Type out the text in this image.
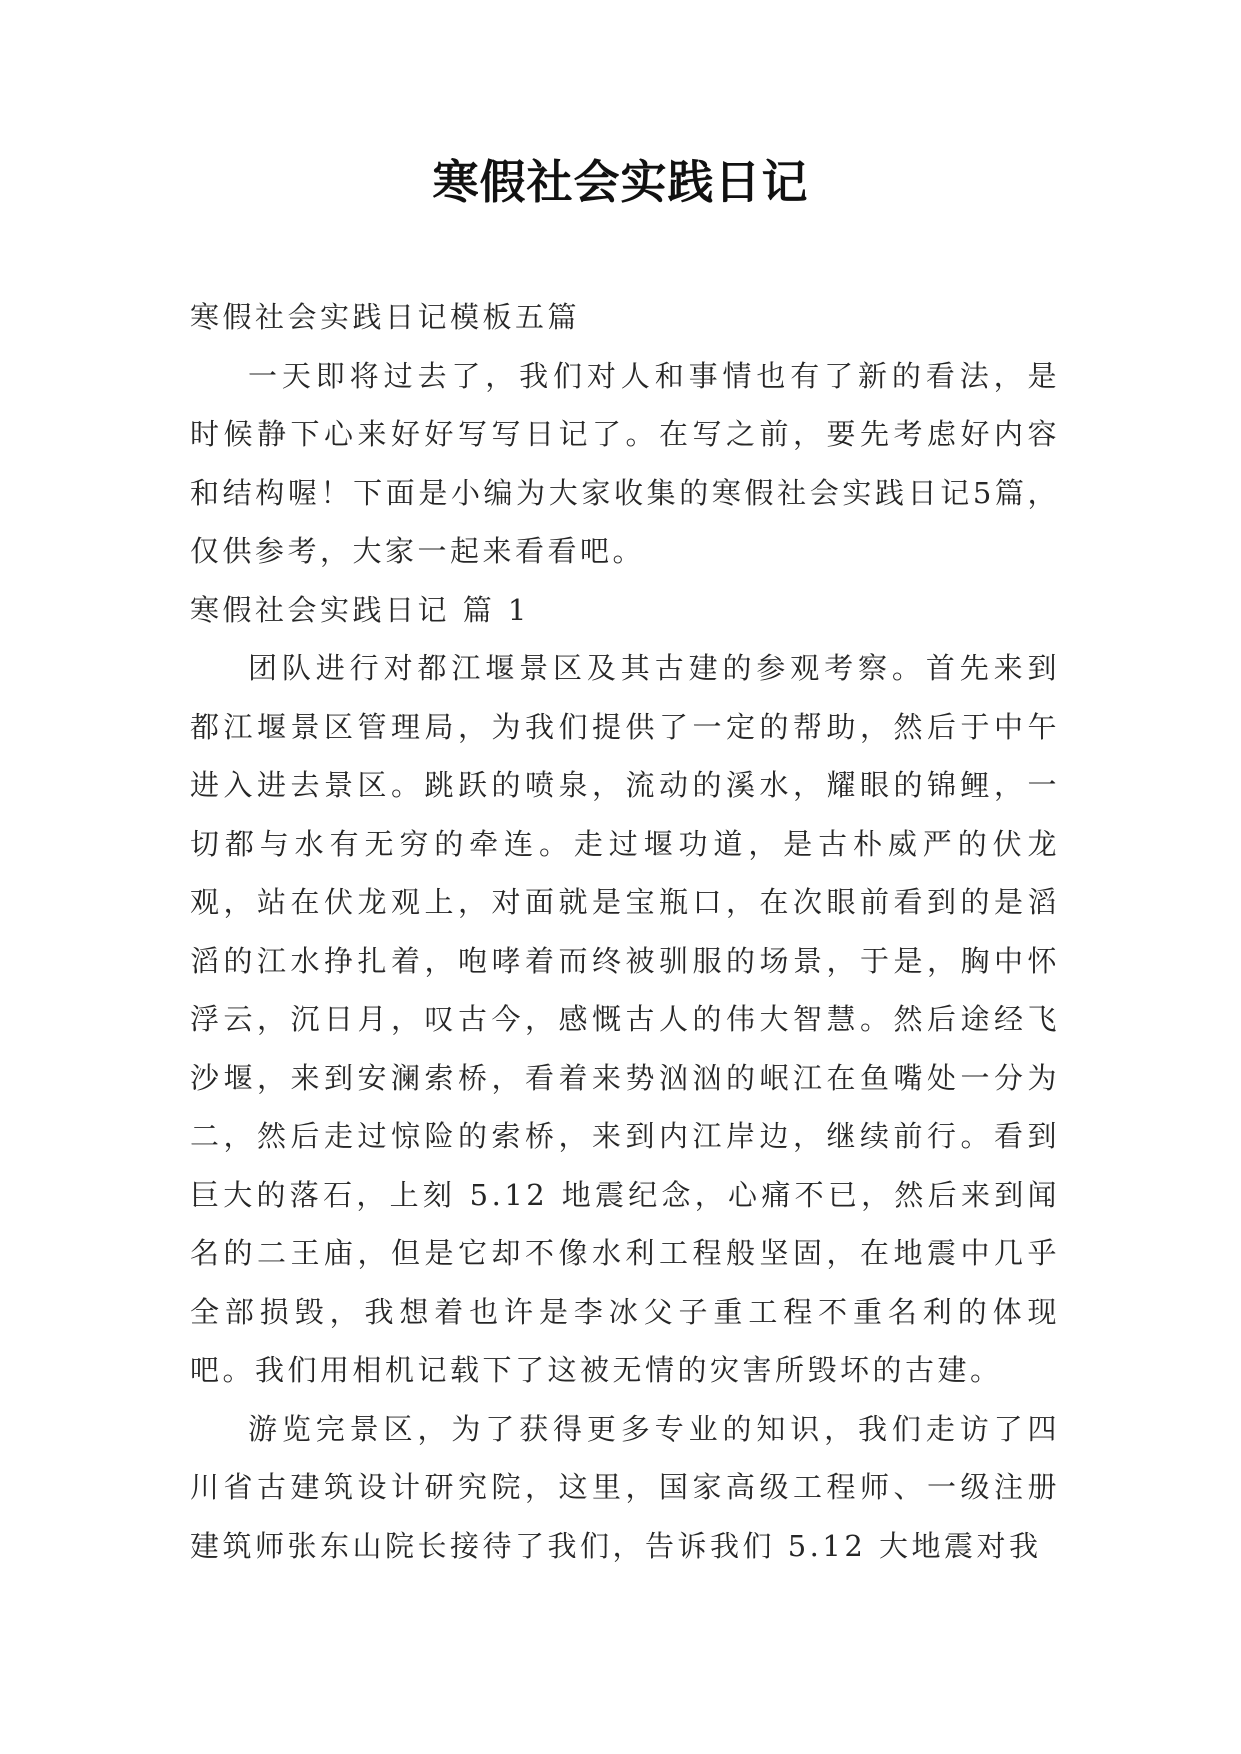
寒假社会实践日记

寒假社会实践日记模板五篇

一天即将过去了，我们对人和事情也有了新的看法，是时候静下心来好好写写日记了。在写之前，要先考虑好内容和结构喔！下面是小编为大家收集的寒假社会实践日记5篇，仅供参考，大家一起来看看吧。

寒假社会实践日记 篇 1

团队进行对都江堰景区及其古建的参观考察。首先来到都江堰景区管理局，为我们提供了一定的帮助，然后于中午进入进去景区。跳跃的喷泉，流动的溪水，耀眼的锦鲤，一切都与水有无穷的牵连。走过堰功道，是古朴威严的伏龙观，站在伏龙观上，对面就是宝瓶口，在次眼前看到的是滔滔的江水挣扎着，咆哮着而终被驯服的场景，于是，胸中怀浮云，沉日月，叹古今，感慨古人的伟大智慧。然后途经飞沙堰，来到安澜索桥，看着来势汹汹的岷江在鱼嘴处一分为二，然后走过惊险的索桥，来到内江岸边，继续前行。看到巨大的落石，上刻 5.12 地震纪念，心痛不已，然后来到闻名的二王庙，但是它却不像水利工程般坚固，在地震中几乎全部损毁，我想着也许是李冰父子重工程不重名利的体现吧。我们用相机记载下了这被无情的灾害所毁坏的古建。

游览完景区，为了获得更多专业的知识，我们走访了四川省古建筑设计研究院，这里，国家高级工程师、一级注册建筑师张东山院长接待了我们，告诉我们 5.12 大地震对我
